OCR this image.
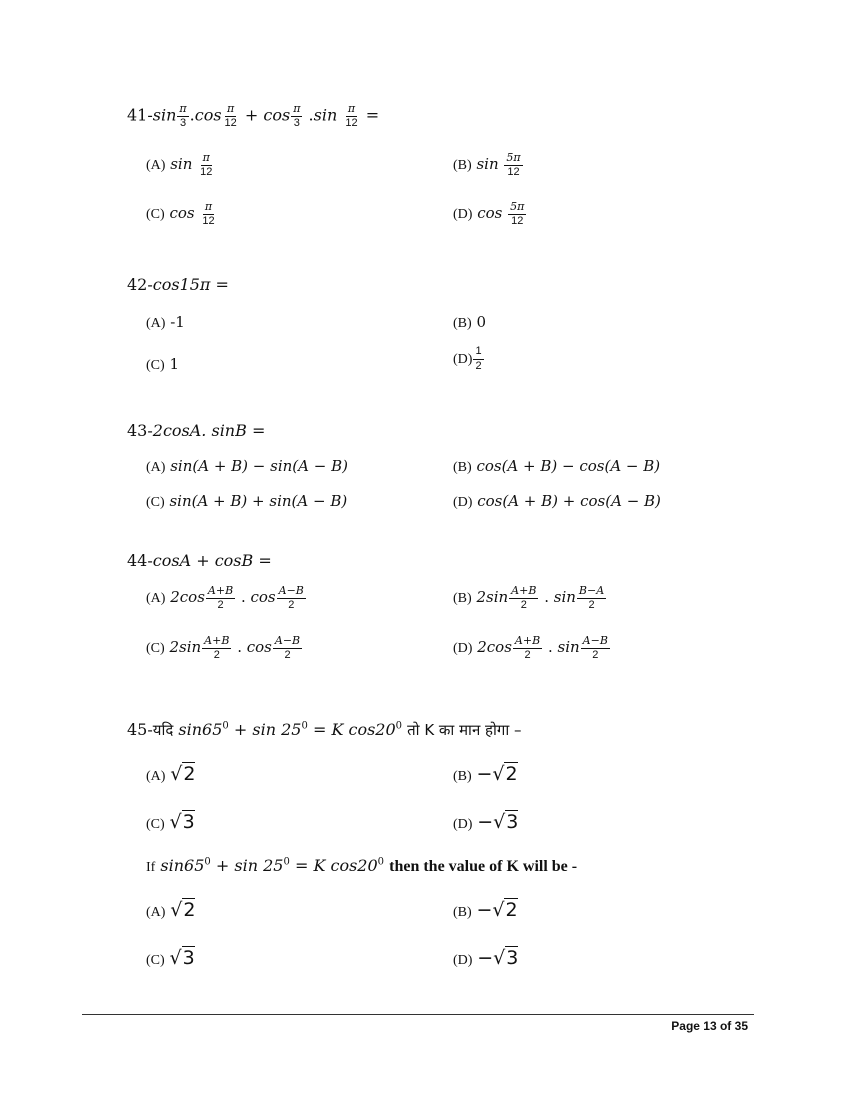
$41-\sin \frac{\pi}{3} .\cos \frac{\pi}{12} + \cos \frac{\pi}{3} .\sin \frac{\pi}{12}$ =
(A) $\sin \frac{\pi}{12}$	(B) $\sin \frac{5\pi}{12}$
(C) $\cos \frac{\pi}{12}$	(D) $\cos \frac{5\pi}{12}$
42-cos15π =
(A) -1	(B) 0
(C) 1	$(D) \frac{1}{2}$
43-2cosA. sinB =
(A) sin(A + B) − sin(A − B)	(B) cos(A + B) − cos(A − B)
(C) sin(A + B) + sin(A − B)	(D) cos(A + B) + cos(A − B)
44-cosA + cosB =
(A) $2\cos \frac{A+B}{2}$ . $\cos \frac{A-B}{2}$	(B) $2\sin \frac{A+B}{2}$ . $\sin \frac{B-A}{2}$
(C) $2\sin \frac{A+B}{2}$ . $\cos \frac{A-B}{2}$	(D) $2\cos \frac{A+B}{2}$ . $\sin \frac{A-B}{2}$
45-यदि $\sin 65^0 + \sin 25^0 = K$ $\cos 20^0$ तो K का मान होगा –
(A) √2	(B) −√2
(C) √3	(D) −√3
If $\sin 65^0 + \sin 25^0 = K$ $\cos 20^0$ then the value of K will be -
(A) √2	(B) −√2
(C) √3	(D) −√3
Page 13 of 35
